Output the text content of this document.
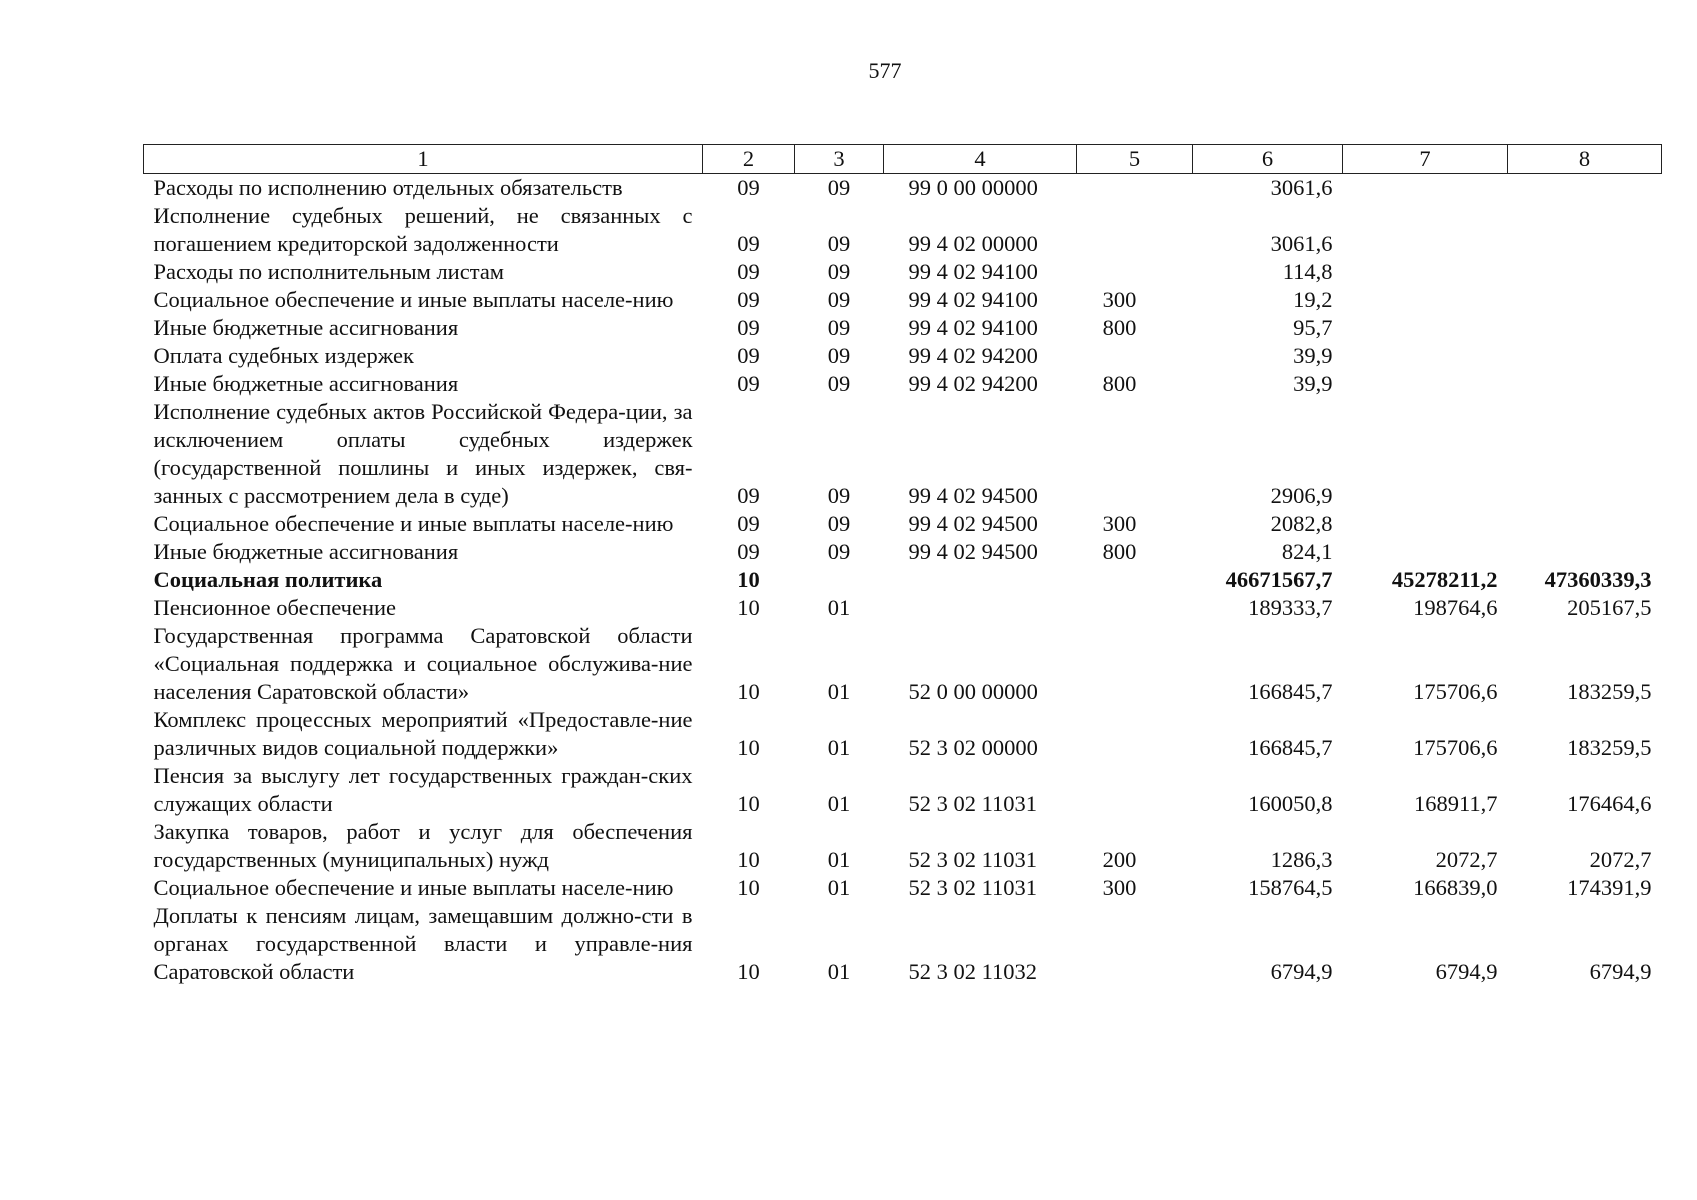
577
1	2	3	4	5	6	7	8
Расходы по исполнению отдельных обязательств	09	09	99 0 00 00000		3061,6		
Исполнение судебных решений, не связанных с погашением кредиторской задолженности	09	09	99 4 02 00000		3061,6		
Расходы по исполнительным листам	09	09	99 4 02 94100		114,8		
Социальное обеспечение и иные выплаты населе-нию	09	09	99 4 02 94100	300	19,2		
Иные бюджетные ассигнования	09	09	99 4 02 94100	800	95,7		
Оплата судебных издержек	09	09	99 4 02 94200		39,9		
Иные бюджетные ассигнования	09	09	99 4 02 94200	800	39,9		
Исполнение судебных актов Российской Федера-ции, за исключением оплаты судебных издержек (государственной пошлины и иных издержек, свя-занных с рассмотрением дела в суде)	09	09	99 4 02 94500		2906,9		
Социальное обеспечение и иные выплаты населе-нию	09	09	99 4 02 94500	300	2082,8		
Иные бюджетные ассигнования	09	09	99 4 02 94500	800	824,1		
Социальная политика	10				46671567,7	45278211,2	47360339,3
Пенсионное обеспечение	10	01			189333,7	198764,6	205167,5
Государственная программа Саратовской области «Социальная поддержка и социальное обслужива-ние населения Саратовской области»	10	01	52 0 00 00000		166845,7	175706,6	183259,5
Комплекс процессных мероприятий «Предоставле-ние различных видов социальной поддержки»	10	01	52 3 02 00000		166845,7	175706,6	183259,5
Пенсия за выслугу лет государственных граждан-ских служащих области	10	01	52 3 02 11031		160050,8	168911,7	176464,6
Закупка товаров, работ и услуг для обеспечения государственных (муниципальных) нужд	10	01	52 3 02 11031	200	1286,3	2072,7	2072,7
Социальное обеспечение и иные выплаты населе-нию	10	01	52 3 02 11031	300	158764,5	166839,0	174391,9
Доплаты к пенсиям лицам, замещавшим должно-сти в органах государственной власти и управле-ния Саратовской области	10	01	52 3 02 11032		6794,9	6794,9	6794,9
